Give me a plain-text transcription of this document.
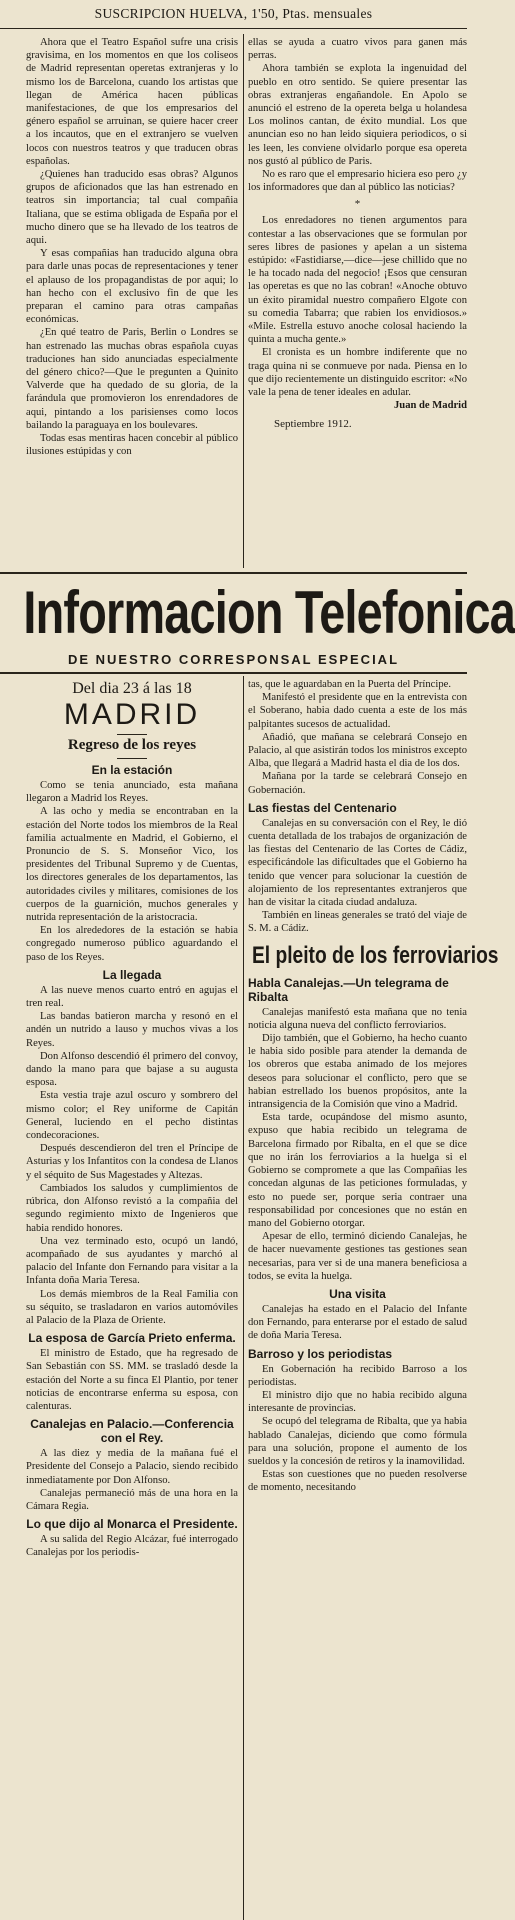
SUSCRIPCION HUELVA, 1'50, Ptas. mensuales

Ahora que el Teatro Español sufre una crisis gravisima, en los momentos en que los coliseos de Madrid representan operetas extranjeras y lo mismo los de Barcelona, cuando los artistas que llegan de América hacen públicas manifestaciones, de que los empresarios del género español se arruinan, se quiere hacer creer a los incautos, que en el extranjero se vuelven locos con nuestros teatros y que traducen obras españolas.

¿Quienes han traducido esas obras? Algunos grupos de aficionados que las han estrenado en teatros sin importancia; tal cual compañia Italiana, que se estima obligada de España por el mucho dinero que se ha llevado de los teatros de aqui.

Y esas compañias han traducido alguna obra para darle unas pocas de representaciones y tener el aplauso de los propagandistas de por aqui; lo han hecho con el exclusivo fin de que les preparan el camino para otras campañas económicas.

¿En qué teatro de Paris, Berlin o Londres se han estrenado las muchas obras española cuyas traduciones han sido anunciadas especialmente del género chico?—Que le pregunten a Quinito Valverde que ha quedado de su gloria, de la farándula que promovieron los enrendadores de aqui, pintando a los parisienses como locos bailando la paraguaya en los boulevares.

Todas esas mentiras hacen concebir al público ilusiones estúpidas y con

ellas se ayuda a cuatro vivos para ganen más perras.

Ahora también se explota la ingenuidad del pueblo en otro sentido. Se quiere presentar las obras extranjeras engañandole. En Apolo se anunció el estreno de la opereta belga u holandesa Los molinos cantan, de éxito mundial. Los que anuncian eso no han leido siquiera periodicos, o si les leen, les conviene olvidarlo porque esa opereta nos gustó al público de Paris.

No es raro que el empresario hiciera eso pero ¿y los informadores que dan al público las noticias?

*

Los enredadores no tienen argumentos para contestar a las observaciones que se formulan por seres libres de pasiones y apelan a un sistema estúpido: «Fastidiarse,—dice—jese chillido que no le ha tocado nada del negocio! ¡Esos que censuran las operetas es que no las cobran! «Anoche obtuvo un éxito piramidal nuestro compañero Elgote con su comedia Tabarra; que rabien los envidiosos.» «Mile. Estrella estuvo anoche colosal haciendo la quinta a mucha gente.»

El cronista es un hombre indiferente que no traga quina ni se conmueve por nada. Piensa en lo que dijo recientemente un distinguido escritor: «No vale la pena de tener ideales en adular.

Juan de Madrid

Septiembre 1912.
Informacion Telefonica
DE NUESTRO CORRESPONSAL ESPECIAL
Del dia 23 á las 18
MADRID
Regreso de los reyes
En la estación

Como se tenia anunciado, esta mañana llegaron a Madrid los Reyes.

A las ocho y media se encontraban en la estación del Norte todos los miembros de la Real familia actualmente en Madrid, el Gobierno, el Pronuncio de S. S. Monseñor Vico, los presidentes del Tribunal Supremo y de Cuentas, los directores generales de los departamentos, las autoridades civiles y militares, comisiones de los cuerpos de la guarnición, muchos generales y nutrida representación de la aristocracia.

En los alrededores de la estación se habia congregado numeroso público aguardando el paso de los Reyes.

La llegada

A las nueve menos cuarto entró en agujas el tren real.

Las bandas batieron marcha y resonó en el andén un nutrido a lauso y muchos vivas a los Reyes.

Don Alfonso descendió él primero del convoy, dando la mano para que bajase a su augusta esposa.

Esta vestia traje azul oscuro y sombrero del mismo color; el Rey uniforme de Capitán General, luciendo en el pecho distintas condecoraciones.

Después descendieron del tren el Príncipe de Asturias y los Infantitos con la condesa de Llanos y el séquito de Sus Magestades y Altezas.

Cambiados los saludos y cumplimientos de rúbrica, don Alfonso revistó a la compañia del segundo regimiento mixto de Ingenieros que habia rendido honores.

Una vez terminado esto, ocupó un landó, acompañado de sus ayudantes y marchó al palacio del Infante don Fernando para visitar a la Infanta doña Maria Teresa.

Los demás miembros de la Real Familia con su séquito, se trasladaron en varios automóviles al Palacio de la Plaza de Oriente.

La esposa de García Prieto enferma.

El ministro de Estado, que ha regresado de San Sebastián con SS. MM. se trasladó desde la estación del Norte a su finca El Plantio, por tener noticias de encontrarse enferma su esposa, con calenturas.

Canalejas en Palacio.—Conferencia con el Rey.

A las diez y media de la mañana fué el Presidente del Consejo a Palacio, siendo recibido inmediatamente por Don Alfonso.

Canalejas permaneció más de una hora en la Cámara Regia.

Lo que dijo al Monarca el Presidente.

A su salida del Regio Alcázar, fué interrogado Canalejas por los periodis-

tas, que le aguardaban en la Puerta del Príncipe.

Manifestó el presidente que en la entrevista con el Soberano, habia dado cuenta a este de los más palpitantes sucesos de actualidad.

Añadió, que mañana se celebrará Consejo en Palacio, al que asistirán todos los ministros excepto Alba, que llegará a Madrid hasta el dia de los dos.

Mañana por la tarde se celebrará Consejo en Gobernación.

Las fiestas del Centenario

Canalejas en su conversación con el Rey, le dió cuenta detallada de los trabajos de organización de las fiestas del Centenario de las Cortes de Cádiz, especificándole las dificultades que el Gobierno ha tenido que vencer para solucionar la cuestión de alojamiento de los representantes extranjeros que han de visitar la citada ciudad andaluza.

También en lineas generales se trató del viaje de S. M. a Cádiz.

El pleito de los ferroviarios
Habla Canalejas.—Un telegrama de Ribalta

Canalejas manifestó esta mañana que no tenia noticia alguna nueva del conflicto ferroviarios.

Dijo también, que el Gobierno, ha hecho cuanto le habia sido posible para atender la demanda de los obreros que estaba animado de los mejores deseos para solucionar el conflicto, pero que se habian estrellado los buenos propósitos, ante la intransigencia de la Comisión que vino a Madrid.

Esta tarde, ocupándose del mismo asunto, expuso que habia recibido un telegrama de Barcelona firmado por Ribalta, en el que se dice que no irán los ferroviarios a la huelga si el Gobierno se compromete a que las Compañias les concedan algunas de las peticiones formuladas, y esto no puede ser, porque seria contraer una responsabilidad por concesiones que no están en mano del Gobierno otorgar.

Apesar de ello, terminó diciendo Canalejas, he de hacer nuevamente gestiones tas gestiones sean necesarias, para ver si de una manera beneficiosa a todos, se evita la huelga.

Una visita

Canalejas ha estado en el Palacio del Infante don Fernando, para enterarse por el estado de salud de doña Maria Teresa.

Barroso y los periodistas

En Gobernación ha recibido Barroso a los periodistas.

El ministro dijo que no habia recibido alguna interesante de provincias.

Se ocupó del telegrama de Ribalta, que ya habia hablado Canalejas, diciendo que como fórmula para una solución, propone el aumento de los sueldos y la concesión de retiros y la inamovilidad.

Estas son cuestiones que no pueden resolverse de momento, necesitando
